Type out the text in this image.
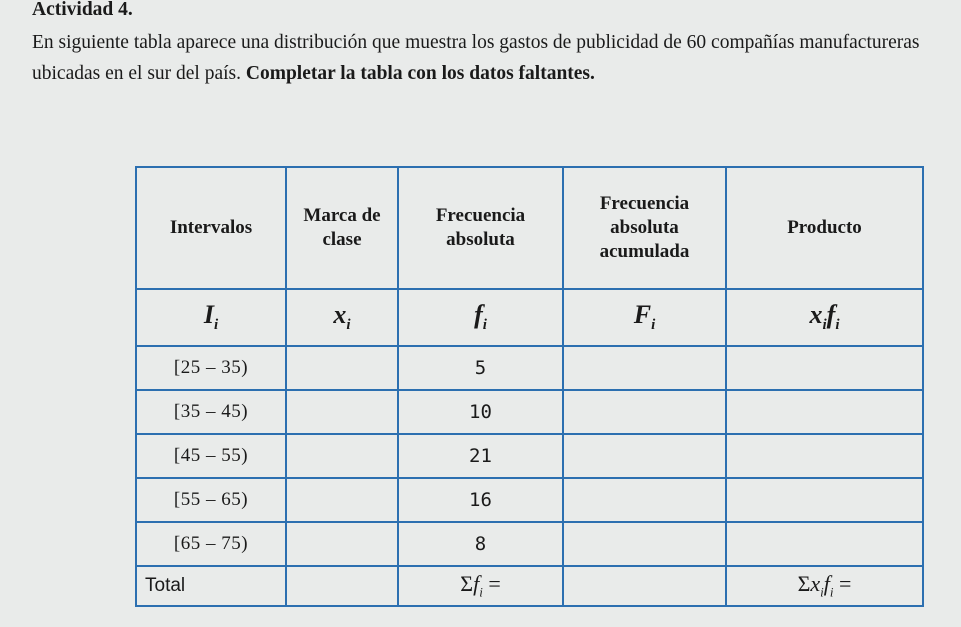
Actividad 4.

En siguiente tabla aparece una distribución que muestra los gastos de publicidad de 60 compañías manufactureras ubicadas en el sur del país. Completar la tabla con los datos faltantes.

Intervalos	Marca de clase	Frecuencia absoluta	Frecuencia absoluta acumulada	Producto
$I_i$	$x_i$	$f_i$	$F_i$	$x_if_i$
[25 – 35)		5		
[35 – 45)		10		
[45 – 55)		21		
[55 – 65)		16		
[65 – 75)		8		
Total		$\Sigma f_i$ =		$\Sigma x_if_i$ =
